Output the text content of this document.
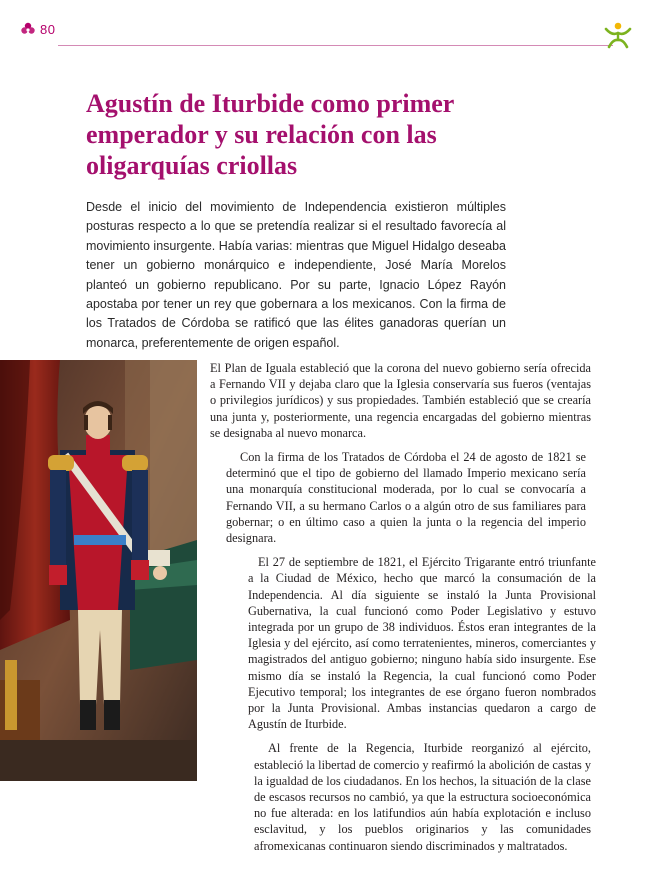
80
Agustín de Iturbide como primer emperador y su relación con las oligarquías criollas

Desde el inicio del movimiento de Independencia existieron múltiples posturas respecto a lo que se pretendía realizar si el resultado favorecía al movimiento insurgente. Había varias: mientras que Miguel Hidalgo deseaba tener un gobierno monárquico e independiente, José María Morelos planteó un gobierno republicano. Por su parte, Ignacio López Rayón apostaba por tener un rey que gobernara a los mexicanos. Con la firma de los Tratados de Córdoba se ratificó que las élites ganadoras querían un monarca, preferentemente de origen español.

El Plan de Iguala estableció que la corona del nuevo gobierno sería ofrecida a Fernando VII y dejaba claro que la Iglesia conservaría sus fueros (ventajas o privilegios jurídicos) y sus propiedades. También estableció que se crearía una junta y, posteriormente, una regencia encargadas del gobierno mientras se designaba al nuevo monarca.

Con la firma de los Tratados de Córdoba el 24 de agosto de 1821 se determinó que el tipo de gobierno del llamado Imperio mexicano sería una monarquía constitucional moderada, por lo cual se convocaría a Fernando VII, a su hermano Carlos o a algún otro de sus familiares para gobernar; o en último caso a quien la junta o la regencia del imperio designara.

El 27 de septiembre de 1821, el Ejército Trigarante entró triunfante a la Ciudad de México, hecho que marcó la consumación de la Independencia. Al día siguiente se instaló la Junta Provisional Gubernativa, la cual funcionó como Poder Legislativo y estuvo integrada por un grupo de 38 individuos. Éstos eran integrantes de la Iglesia y del ejército, así como terratenientes, mineros, comerciantes y magistrados del antiguo gobierno; ninguno había sido insurgente. Ese mismo día se instaló la Regencia, la cual funcionó como Poder Ejecutivo temporal; los integrantes de ese órgano fueron nombrados por la Junta Provisional. Ambas instancias quedaron a cargo de Agustín de Iturbide.

Al frente de la Regencia, Iturbide reorganizó al ejército, estableció la libertad de comercio y reafirmó la abolición de castas y la igualdad de los ciudadanos. En los hechos, la situación de la clase de escasos recursos no cambió, ya que la estructura socioeconómica no fue alterada: en los latifundios aún había explotación e incluso esclavitud, y los pueblos originarios y las comunidades afromexicanas continuaron siendo discriminados y maltratados.
